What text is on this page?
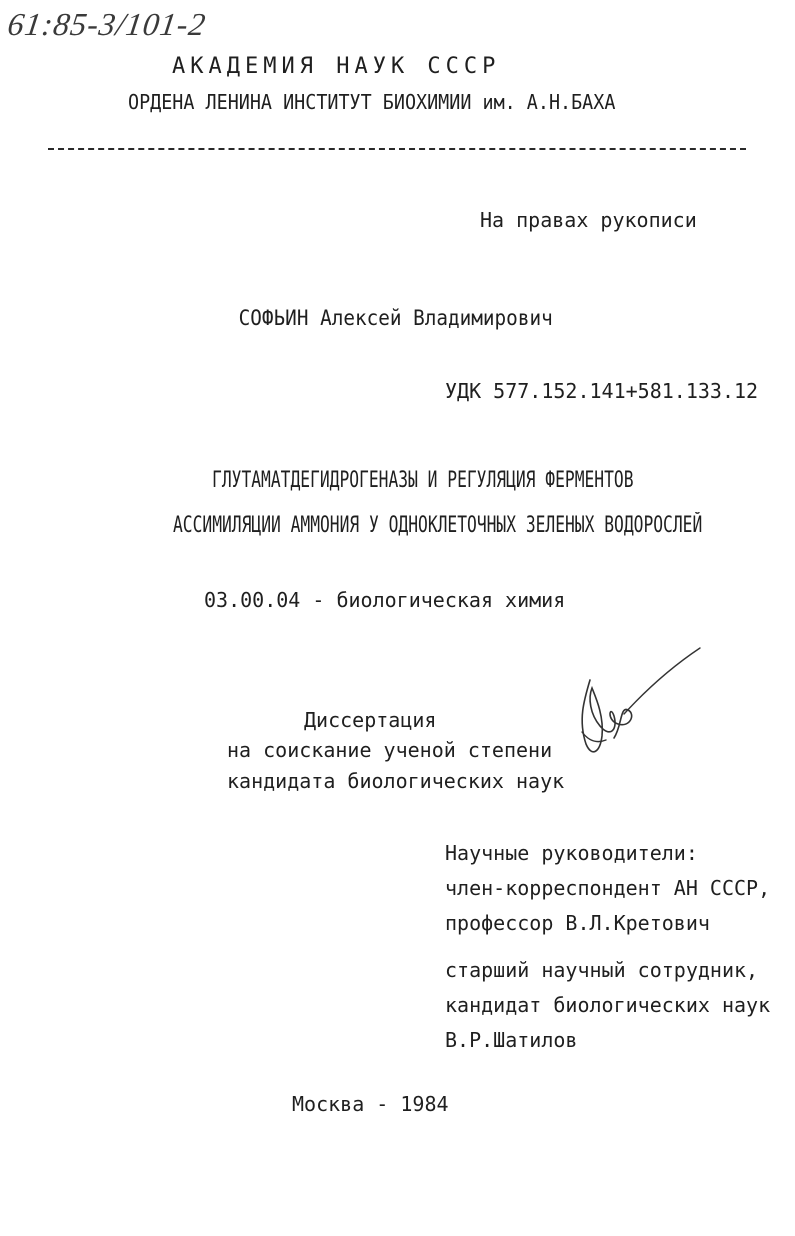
61:85-3/101-2
АКАДЕМИЯ НАУК СССР
ОРДЕНА ЛЕНИНА ИНСТИТУТ БИОХИМИИ им. А.Н.БАХА
На правах рукописи
СОФЬИН Алексей Владимирович
УДК 577.152.141+581.133.12
ГЛУТАМАТДЕГИДРОГЕНАЗЫ И РЕГУЛЯЦИЯ ФЕРМЕНТОВ
АССИМИЛЯЦИИ АММОНИЯ У ОДНОКЛЕТОЧНЫХ ЗЕЛЕНЫХ ВОДОРОСЛЕЙ
03.00.04 - биологическая химия
Диссертация
на соискание ученой степени
кандидата биологических наук
Научные руководители:
член-корреспондент АН СССР,
профессор В.Л.Кретович
старший научный сотрудник,
кандидат биологических наук
В.Р.Шатилов
Москва - 1984
